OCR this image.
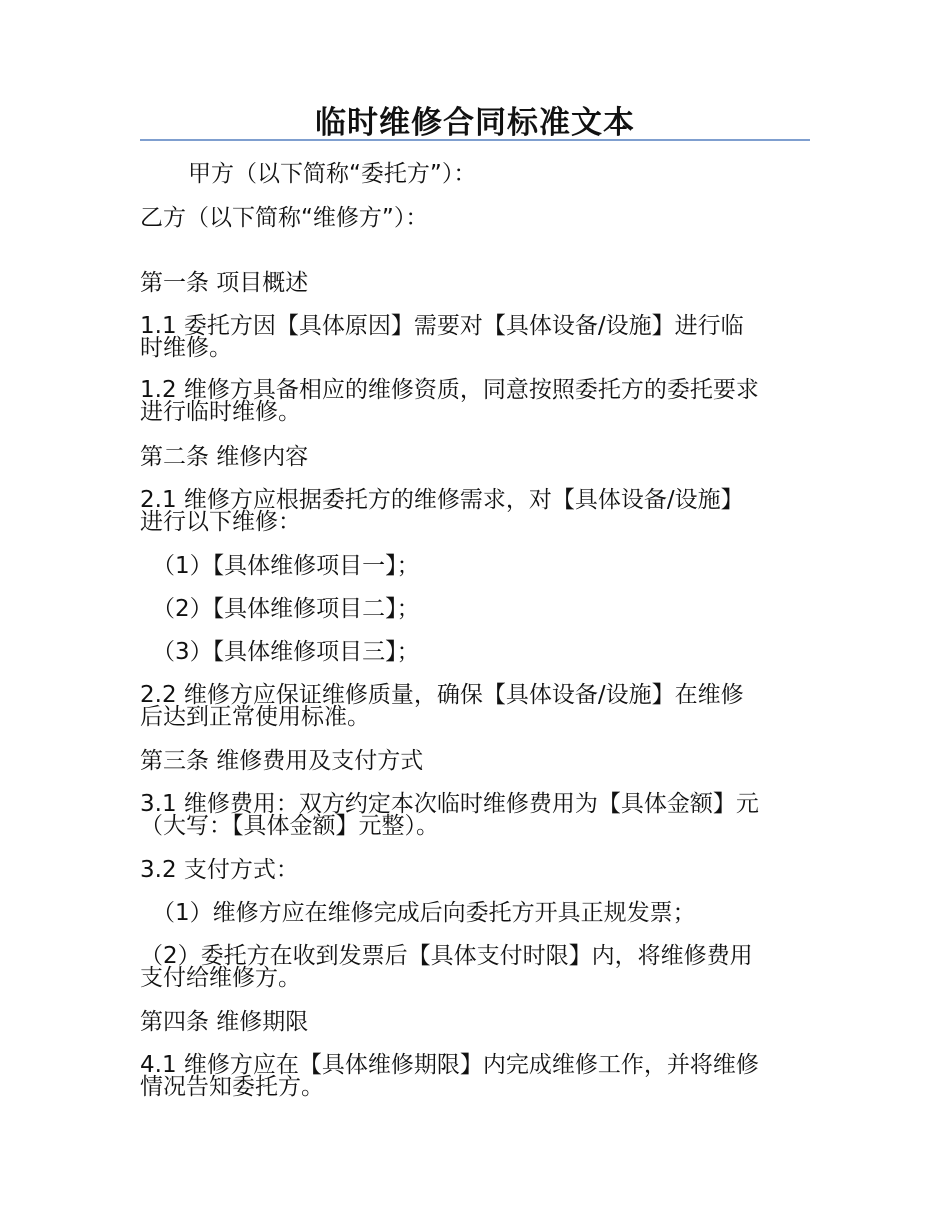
临时维修合同标准文本

甲方（以下简称“委托方”）：

乙方（以下简称“维修方”）：

第一条 项目概述

1.1 委托方因【具体原因】需要对【具体设备/设施】进行临

时维修。

1.2 维修方具备相应的维修资质，同意按照委托方的委托要求

进行临时维修。

第二条 维修内容

2.1 维修方应根据委托方的维修需求，对【具体设备/设施】

进行以下维修：

（1）【具体维修项目一】；

（2）【具体维修项目二】；

（3）【具体维修项目三】；

2.2 维修方应保证维修质量，确保【具体设备/设施】在维修

后达到正常使用标准。

第三条 维修费用及支付方式

3.1 维修费用：双方约定本次临时维修费用为【具体金额】元

（大写：【具体金额】元整）。

3.2 支付方式：

（1）维修方应在维修完成后向委托方开具正规发票；

（2）委托方在收到发票后【具体支付时限】内，将维修费用

支付给维修方。

第四条 维修期限

4.1 维修方应在【具体维修期限】内完成维修工作，并将维修

情况告知委托方。
